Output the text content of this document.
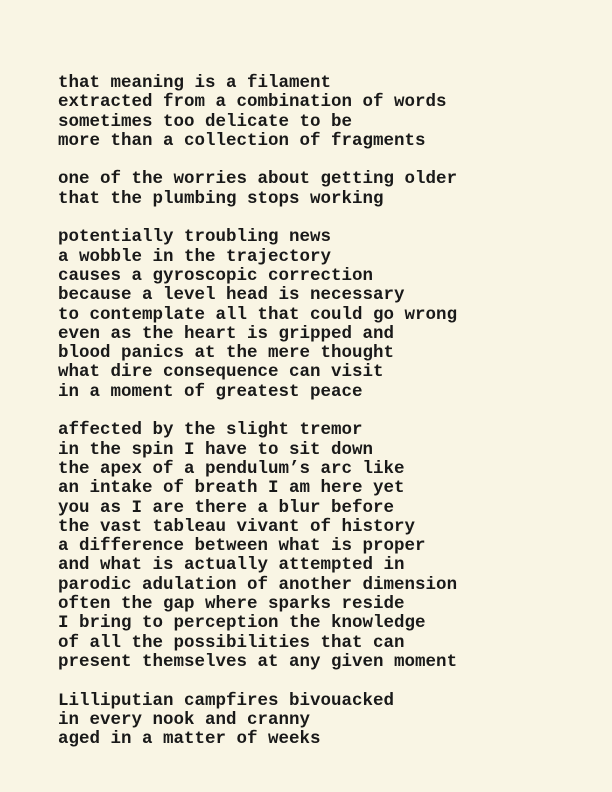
that meaning is a filament
extracted from a combination of words
sometimes too delicate to be
more than a collection of fragments
one of the worries about getting older
that the plumbing stops working
potentially troubling news
a wobble in the trajectory
causes a gyroscopic correction
because a level head is necessary
to contemplate all that could go wrong
even as the heart is gripped and
blood panics at the mere thought
what dire consequence can visit
in a moment of greatest peace
affected by the slight tremor
in the spin I have to sit down
the apex of a pendulum’s arc like
an intake of breath I am here yet
you as I are there a blur before
the vast tableau vivant of history
a difference between what is proper
and what is actually attempted in
parodic adulation of another dimension
often the gap where sparks reside
I bring to perception the knowledge
of all the possibilities that can
present themselves at any given moment
Lilliputian campfires bivouacked
in every nook and cranny
aged in a matter of weeks
